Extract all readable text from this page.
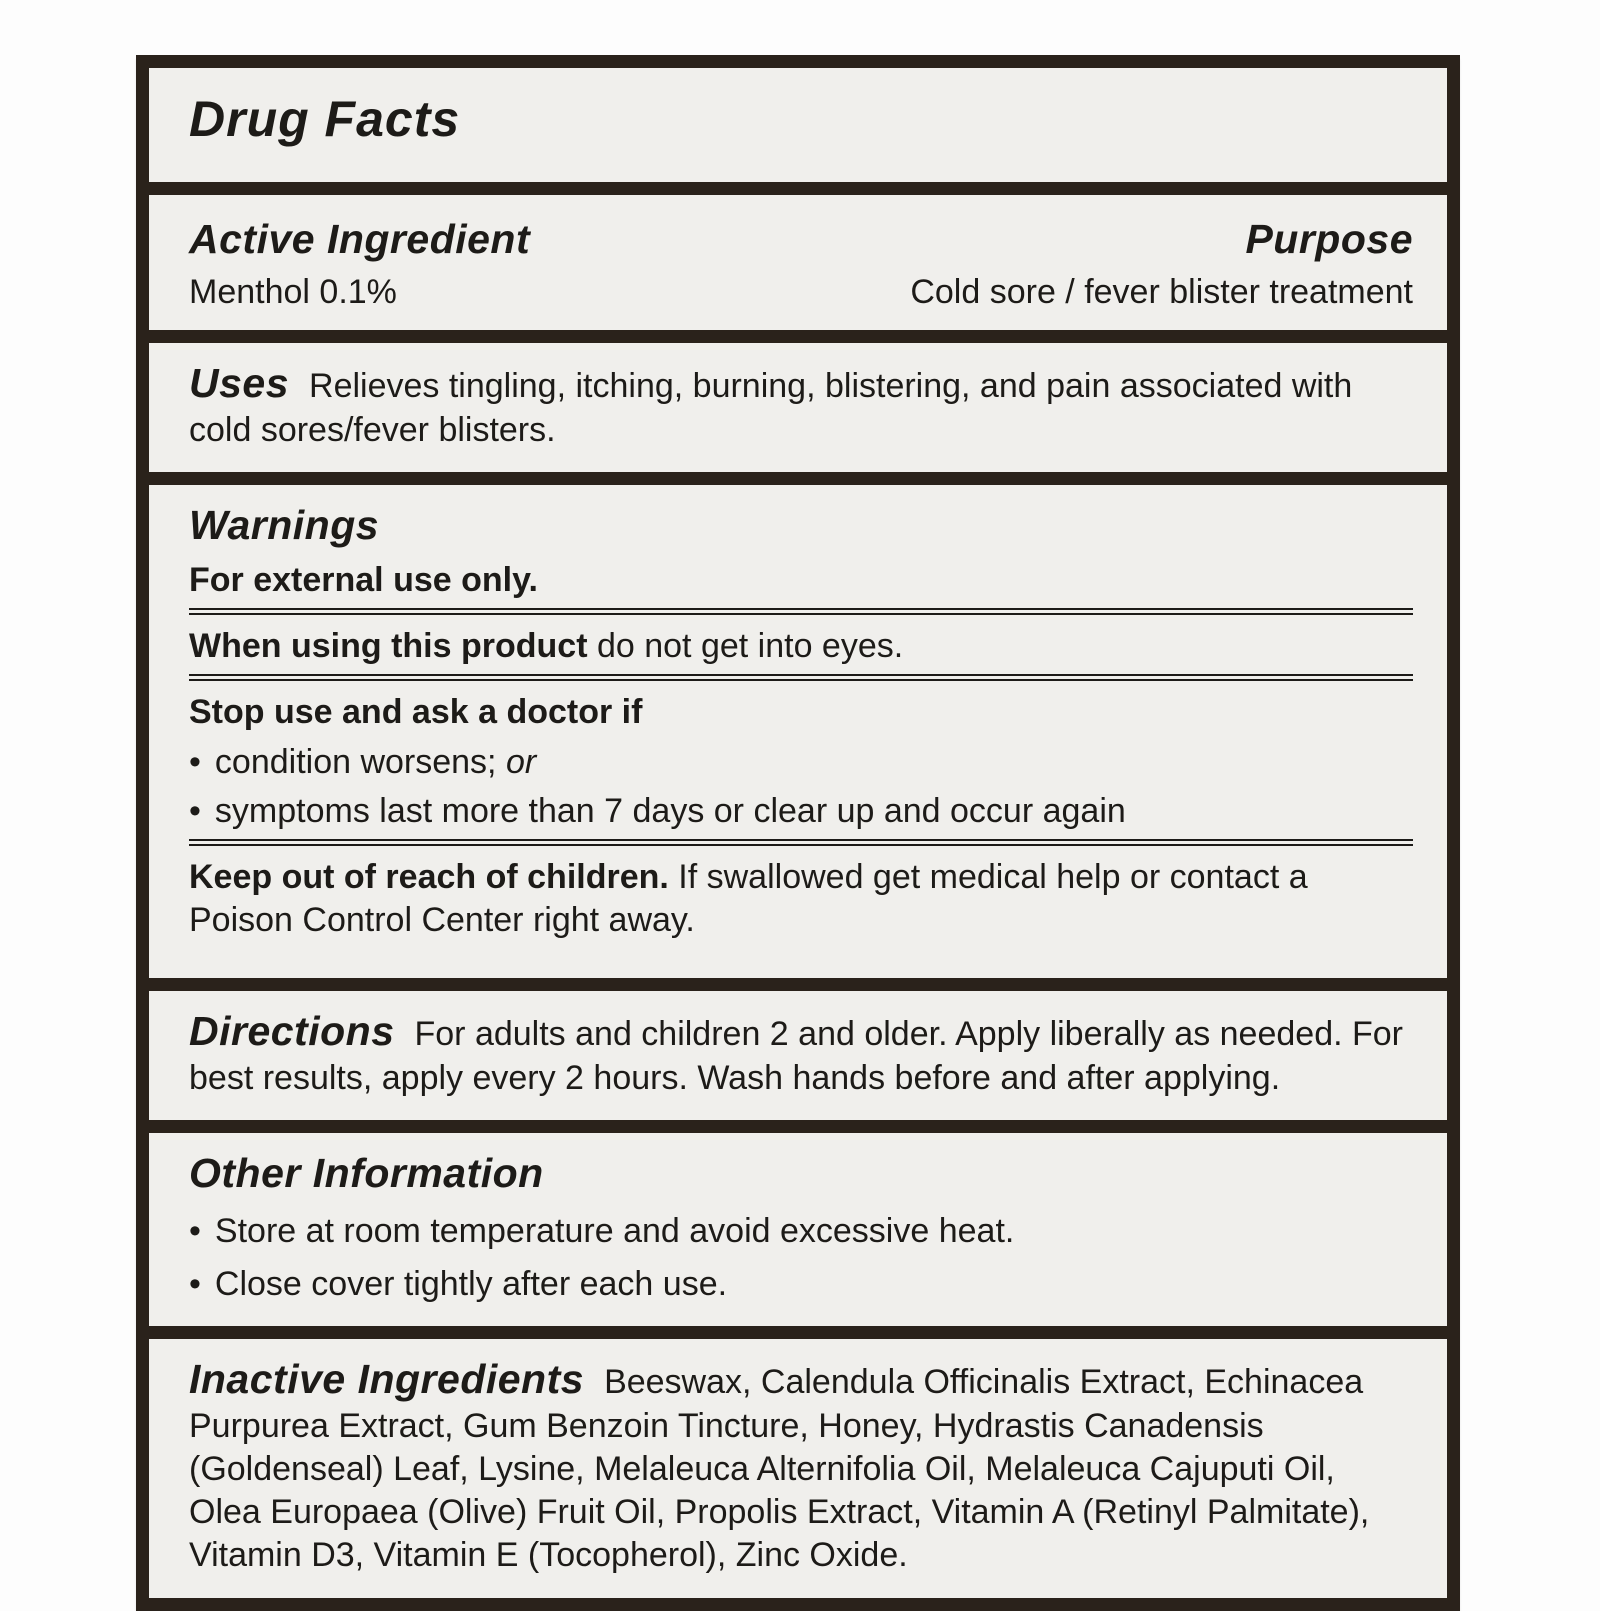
Drug Facts
Active Ingredient
Menthol 0.1%
Purpose
Cold sore / fever blister treatment
Uses Relieves tingling, itching, burning, blistering, and pain associated with cold sores/fever blisters.
Warnings
For external use only.
When using this product do not get into eyes.
Stop use and ask a doctor if
• condition worsens; or
• symptoms last more than 7 days or clear up and occur again
Keep out of reach of children. If swallowed get medical help or contact a Poison Control Center right away.
Directions For adults and children 2 and older. Apply liberally as needed. For best results, apply every 2 hours. Wash hands before and after applying.
Other Information
• Store at room temperature and avoid excessive heat.
• Close cover tightly after each use.
Inactive Ingredients Beeswax, Calendula Officinalis Extract, Echinacea Purpurea Extract, Gum Benzoin Tincture, Honey, Hydrastis Canadensis (Goldenseal) Leaf, Lysine, Melaleuca Alternifolia Oil, Melaleuca Cajuputi Oil, Olea Europaea (Olive) Fruit Oil, Propolis Extract, Vitamin A (Retinyl Palmitate), Vitamin D3, Vitamin E (Tocopherol), Zinc Oxide.
